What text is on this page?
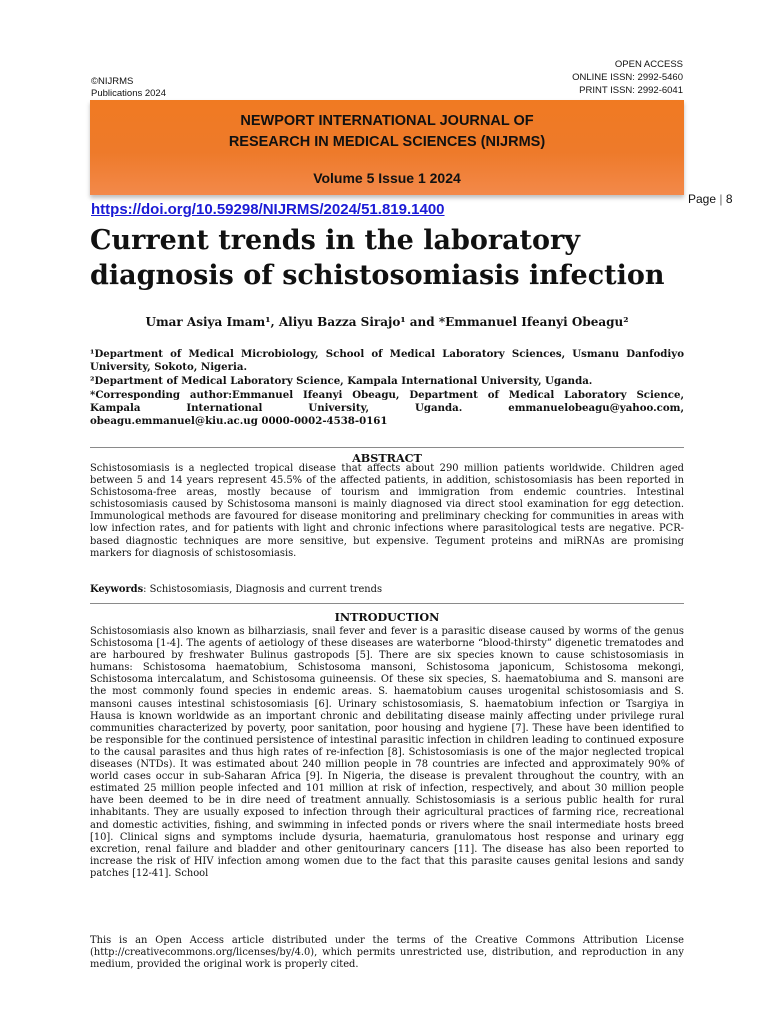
©NIJRMS
Publications 2024
OPEN ACCESS
ONLINE ISSN: 2992-5460
PRINT ISSN: 2992-6041
NEWPORT INTERNATIONAL JOURNAL OF
RESEARCH IN MEDICAL SCIENCES (NIJRMS)
Volume 5 Issue 1 2024
https://doi.org/10.59298/NIJRMS/2024/51.819.1400
Page | 8
Current trends in the laboratory diagnosis of schistosomiasis infection
Umar Asiya Imam¹, Aliyu Bazza Sirajo¹ and *Emmanuel Ifeanyi Obeagu²

¹Department of Medical Microbiology, School of Medical Laboratory Sciences, Usmanu Danfodiyo University, Sokoto, Nigeria.

²Department of Medical Laboratory Science, Kampala International University, Uganda.

*Corresponding author:Emmanuel Ifeanyi Obeagu, Department of Medical Laboratory Science, Kampala International University, Uganda. emmanuelobeagu@yahoo.com, obeagu.emmanuel@kiu.ac.ug 0000-0002-4538-0161

ABSTRACT
Schistosomiasis is a neglected tropical disease that affects about 290 million patients worldwide. Children aged between 5 and 14 years represent 45.5% of the affected patients, in addition, schistosomiasis has been reported in Schistosoma-free areas, mostly because of tourism and immigration from endemic countries. Intestinal schistosomiasis caused by Schistosoma mansoni is mainly diagnosed via direct stool examination for egg detection. Immunological methods are favoured for disease monitoring and preliminary checking for communities in areas with low infection rates, and for patients with light and chronic infections where parasitological tests are negative. PCR-based diagnostic techniques are more sensitive, but expensive. Tegument proteins and miRNAs are promising markers for diagnosis of schistosomiasis.
Keywords: Schistosomiasis, Diagnosis and current trends
INTRODUCTION
Schistosomiasis also known as bilharziasis, snail fever and fever is a parasitic disease caused by worms of the genus Schistosoma [1-4]. The agents of aetiology of these diseases are waterborne “blood-thirsty” digenetic trematodes and are harboured by freshwater Bulinus gastropods [5]. There are six species known to cause schistosomiasis in humans: Schistosoma haematobium, Schistosoma mansoni, Schistosoma japonicum, Schistosoma mekongi, Schistosoma intercalatum, and Schistosoma guineensis. Of these six species, S. haematobiuma and S. mansoni are the most commonly found species in endemic areas. S. haematobium causes urogenital schistosomiasis and S. mansoni causes intestinal schistosomiasis [6]. Urinary schistosomiasis, S. haematobium infection or Tsargiya in Hausa is known worldwide as an important chronic and debilitating disease mainly affecting under privilege rural communities characterized by poverty, poor sanitation, poor housing and hygiene [7]. These have been identified to be responsible for the continued persistence of intestinal parasitic infection in children leading to continued exposure to the causal parasites and thus high rates of re-infection [8]. Schistosomiasis is one of the major neglected tropical diseases (NTDs). It was estimated about 240 million people in 78 countries are infected and approximately 90% of world cases occur in sub-Saharan Africa [9]. In Nigeria, the disease is prevalent throughout the country, with an estimated 25 million people infected and 101 million at risk of infection, respectively, and about 30 million people have been deemed to be in dire need of treatment annually. Schistosomiasis is a serious public health for rural inhabitants. They are usually exposed to infection through their agricultural practices of farming rice, recreational and domestic activities, fishing, and swimming in infected ponds or rivers where the snail intermediate hosts breed [10]. Clinical signs and symptoms include dysuria, haematuria, granulomatous host response and urinary egg excretion, renal failure and bladder and other genitourinary cancers [11]. The disease has also been reported to increase the risk of HIV infection among women due to the fact that this parasite causes genital lesions and sandy patches [12-41]. School
This is an Open Access article distributed under the terms of the Creative Commons Attribution License (http://creativecommons.org/licenses/by/4.0), which permits unrestricted use, distribution, and reproduction in any medium, provided the original work is properly cited.
